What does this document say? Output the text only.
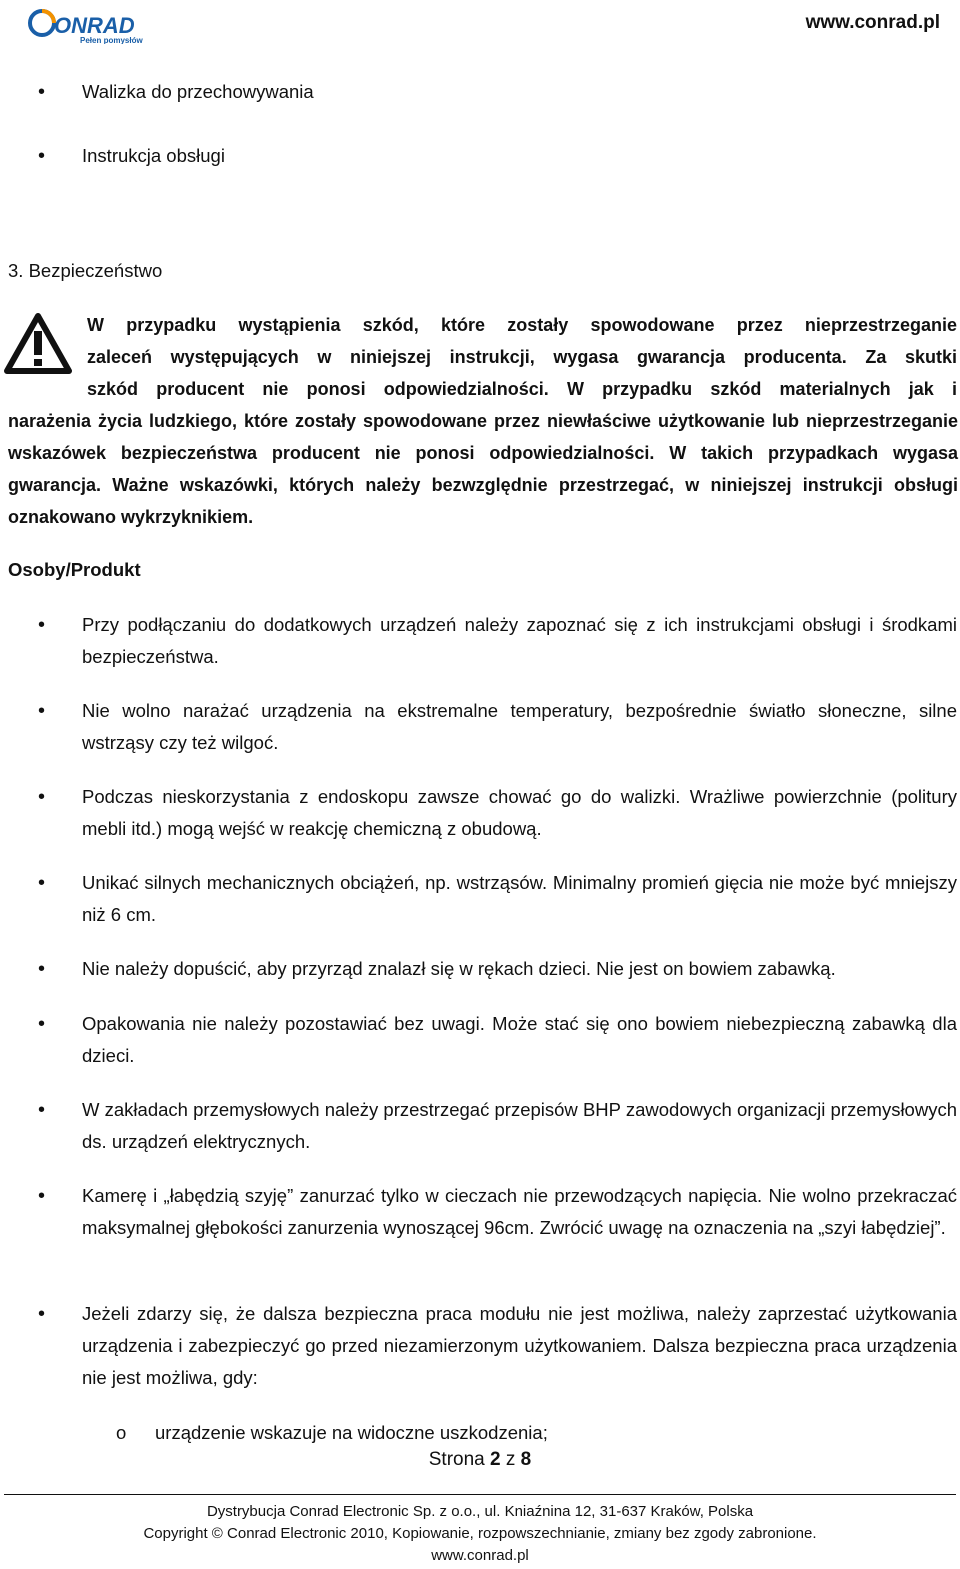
ONRAD
Pełen pomysłów
www.conrad.pl
• Walizka do przechowywania

• Instrukcja obsługi

3. Bezpieczeństwo

W przypadku wystąpienia szkód, które zostały spowodowane przez nieprzestrzeganie

zaleceń występujących w niniejszej instrukcji, wygasa gwarancja producenta. Za skutki

szkód producent nie ponosi odpowiedzialności. W przypadku szkód materialnych jak i

narażenia życia ludzkiego, które zostały spowodowane przez niewłaściwe użytkowanie lub nieprzestrzeganie wskazówek bezpieczeństwa producent nie ponosi odpowiedzialności. W takich przypadkach wygasa gwarancja. Ważne wskazówki, których należy bezwzględnie przestrzegać, w niniejszej instrukcji obsługi oznakowano wykrzyknikiem.

Osoby/Produkt
• Przy podłączaniu do dodatkowych urządzeń należy zapoznać się z ich instrukcjami obsługi i środkami bezpieczeństwa.

• Nie wolno narażać urządzenia na ekstremalne temperatury, bezpośrednie światło słoneczne, silne wstrząsy czy też wilgoć.

• Podczas nieskorzystania z endoskopu zawsze chować go do walizki. Wrażliwe powierzchnie (politury mebli itd.) mogą wejść w reakcję chemiczną z obudową.

• Unikać silnych mechanicznych obciążeń, np. wstrząsów. Minimalny promień gięcia nie może być mniejszy niż 6 cm.

• Nie należy dopuścić, aby przyrząd znalazł się w rękach dzieci. Nie jest on bowiem zabawką.

• Opakowania nie należy pozostawiać bez uwagi. Może stać się ono bowiem niebezpieczną zabawką dla dzieci.

• W zakładach przemysłowych należy przestrzegać przepisów BHP zawodowych organizacji przemysłowych ds. urządzeń elektrycznych.

• Kamerę i „łabędzią szyję” zanurzać tylko w cieczach nie przewodzących napięcia. Nie wolno przekraczać maksymalnej głębokości zanurzenia wynoszącej 96cm. Zwrócić uwagę na oznaczenia na „szyi łabędziej”.

• Jeżeli zdarzy się, że dalsza bezpieczna praca modułu nie jest możliwa, należy zaprzestać użytkowania urządzenia i zabezpieczyć go przed niezamierzonym użytkowaniem. Dalsza bezpieczna praca urządzenia nie jest możliwa, gdy:

o urządzenie wskazuje na widoczne uszkodzenia;
Strona 2 z 8
Dystrybucja Conrad Electronic Sp. z o.o., ul. Kniaźnina 12, 31-637 Kraków, Polska
Copyright © Conrad Electronic 2010, Kopiowanie, rozpowszechnianie, zmiany bez zgody zabronione.
www.conrad.pl
